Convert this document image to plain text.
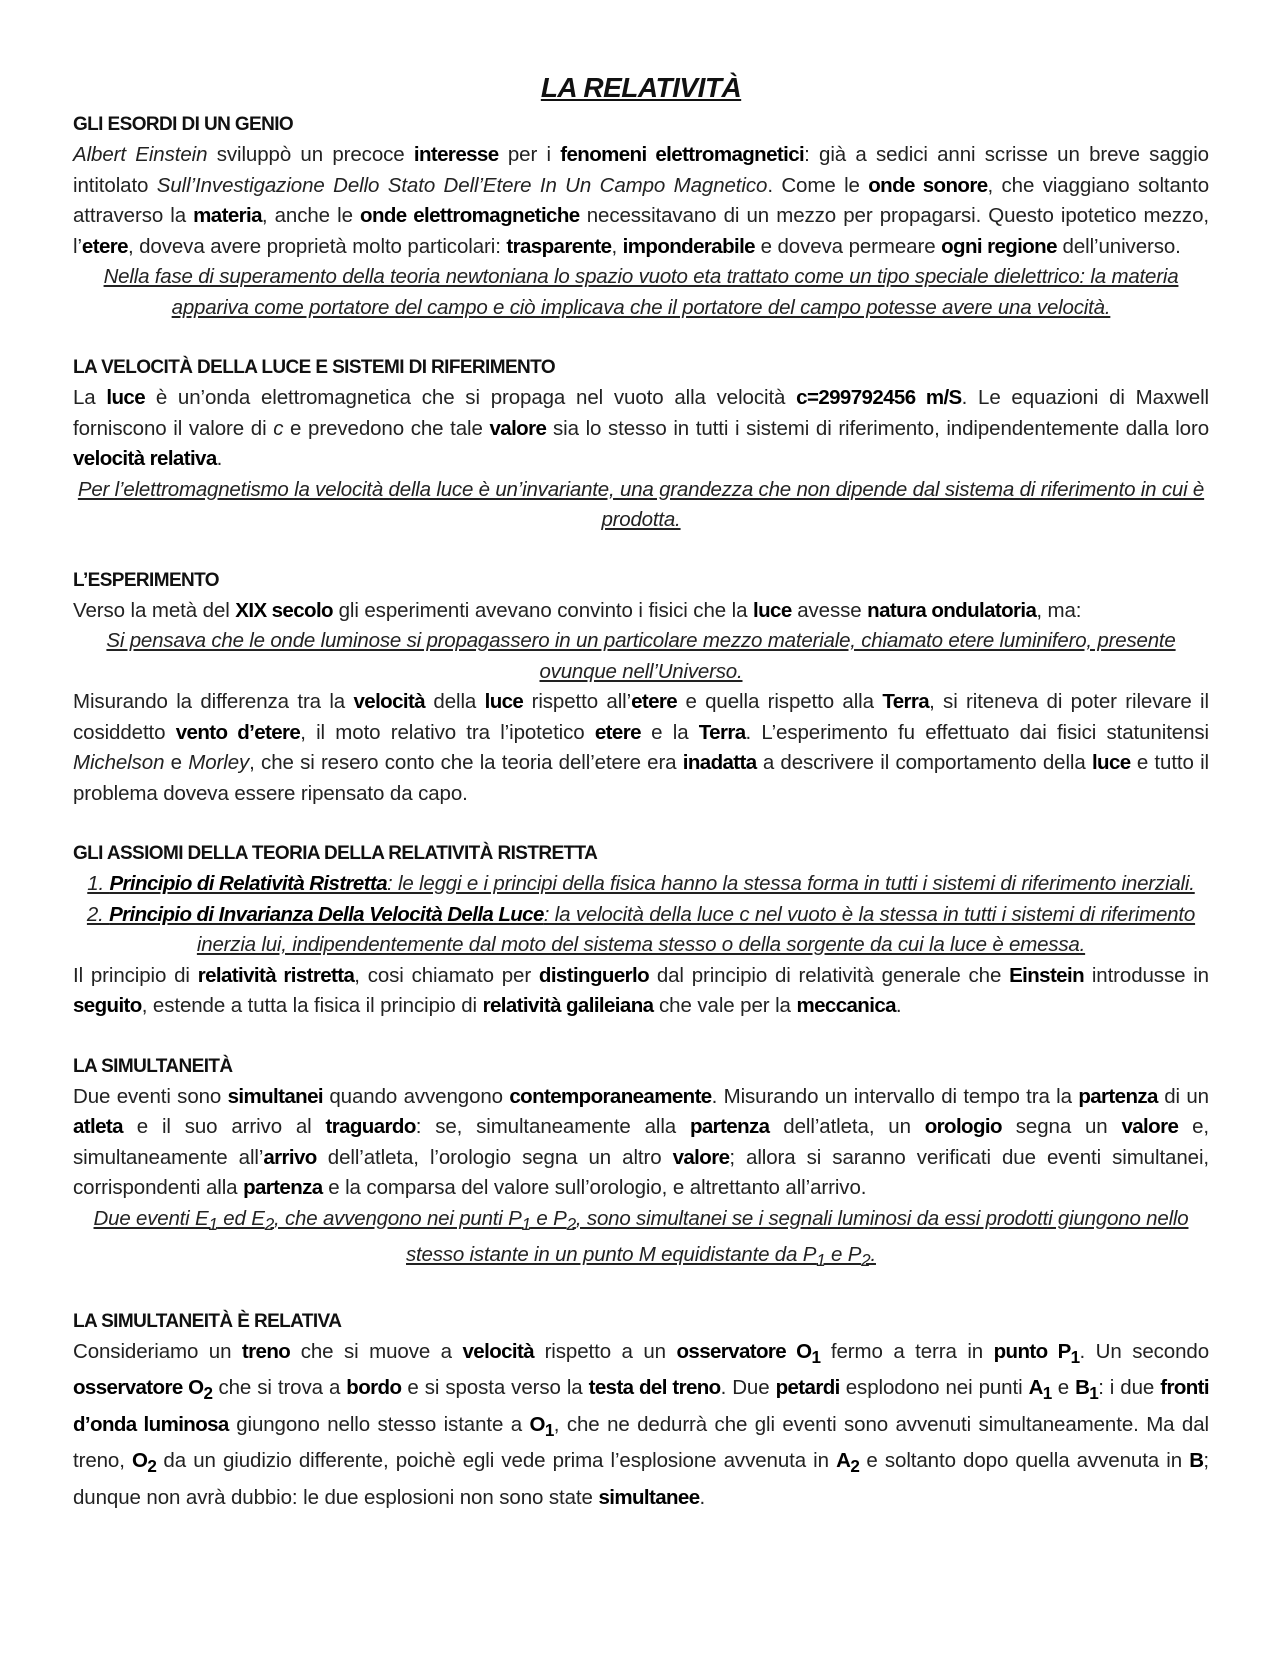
LA RELATIVITÀ
GLI ESORDI DI UN GENIO

Albert Einstein sviluppò un precoce interesse per i fenomeni elettromagnetici: già a sedici anni scrisse un breve saggio intitolato Sull’Investigazione Dello Stato Dell’Etere In Un Campo Magnetico. Come le onde sonore, che viaggiano soltanto attraverso la materia, anche le onde elettromagnetiche necessitavano di un mezzo per propagarsi. Questo ipotetico mezzo, l’etere, doveva avere proprietà molto particolari: trasparente, imponderabile e doveva permeare ogni regione dell’universo.

Nella fase di superamento della teoria newtoniana lo spazio vuoto eta trattato come un tipo speciale dielettrico: la materia appariva come portatore del campo e ciò implicava che il portatore del campo potesse avere una velocità.

LA VELOCITÀ DELLA LUCE E SISTEMI DI RIFERIMENTO

La luce è un’onda elettromagnetica che si propaga nel vuoto alla velocità c=299792456 m/S. Le equazioni di Maxwell forniscono il valore di c e prevedono che tale valore sia lo stesso in tutti i sistemi di riferimento, indipendentemente dalla loro velocità relativa.

Per l’elettromagnetismo la velocità della luce è un’invariante, una grandezza che non dipende dal sistema di riferimento in cui è prodotta.

L’ESPERIMENTO

Verso la metà del XIX secolo gli esperimenti avevano convinto i fisici che la luce avesse natura ondulatoria, ma:

Si pensava che le onde luminose si propagassero in un particolare mezzo materiale, chiamato etere luminifero, presente ovunque nell’Universo.

Misurando la differenza tra la velocità della luce rispetto all’etere e quella rispetto alla Terra, si riteneva di poter rilevare il cosiddetto vento d’etere, il moto relativo tra l’ipotetico etere e la Terra. L’esperimento fu effettuato dai fisici statunitensi Michelson e Morley, che si resero conto che la teoria dell’etere era inadatta a descrivere il comportamento della luce e tutto il problema doveva essere ripensato da capo.

GLI ASSIOMI DELLA TEORIA DELLA RELATIVITÀ RISTRETTA

1. Principio di Relatività Ristretta: le leggi e i principi della fisica hanno la stessa forma in tutti i sistemi di riferimento inerziali.

2. Principio di Invarianza Della Velocità Della Luce: la velocità della luce c nel vuoto è la stessa in tutti i sistemi di riferimento inerzia lui, indipendentemente dal moto del sistema stesso o della sorgente da cui la luce è emessa.

Il principio di relatività ristretta, cosi chiamato per distinguerlo dal principio di relatività generale che Einstein introdusse in seguito, estende a tutta la fisica il principio di relatività galileiana che vale per la meccanica.

LA SIMULTANEITÀ

Due eventi sono simultanei quando avvengono contemporaneamente. Misurando un intervallo di tempo tra la partenza di un atleta e il suo arrivo al traguardo: se, simultaneamente alla partenza dell’atleta, un orologio segna un valore e, simultaneamente all’arrivo dell’atleta, l’orologio segna un altro valore; allora si saranno verificati due eventi simultanei, corrispondenti alla partenza e la comparsa del valore sull’orologio, e altrettanto all’arrivo.

Due eventi $E_1$ ed $E_2$, che avvengono nei punti $P_1$ e $P_2$, sono simultanei se i segnali luminosi da essi prodotti giungono nello stesso istante in un punto M equidistante da $P_1$ e $P_2$.

LA SIMULTANEITÀ È RELATIVA

Consideriamo un treno che si muove a velocità rispetto a un osservatore $O_1$ fermo a terra in punto $P_1$. Un secondo osservatore $O_2$ che si trova a bordo e si sposta verso la testa del treno. Due petardi esplodono nei punti $A_1$ e $B_1$: i due fronti d’onda luminosa giungono nello stesso istante a $O_1$, che ne dedurrà che gli eventi sono avvenuti simultaneamente. Ma dal treno, $O_2$ da un giudizio differente, poichè egli vede prima l’esplosione avvenuta in $A_2$ e soltanto dopo quella avvenuta in B; dunque non avrà dubbio: le due esplosioni non sono state simultanee.
